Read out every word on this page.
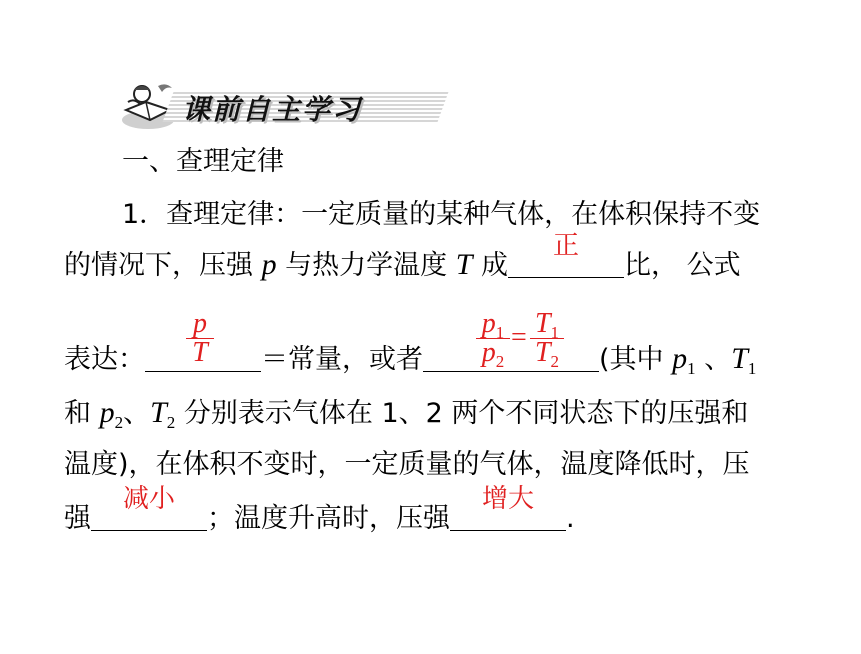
课前自主学习
一、查理定律
1．查理定律：一定质量的某种气体，在体积保持不变
的情况下，压强 p 与热力学温度 T 成
正
比， 公式
表达：	＝常量，或者	(其中 $p_1$ 、$T_1$
p
T
$p_1$
$p_2$
= $T_1$
$T_2$
和 $p_2$、$T_2$ 分别表示气体在 1、2 两个不同状态下的压强和
温度)，在体积不变时，一定质量的气体，温度降低时，压
强
减小
；温度升高时，压强
增大
.
